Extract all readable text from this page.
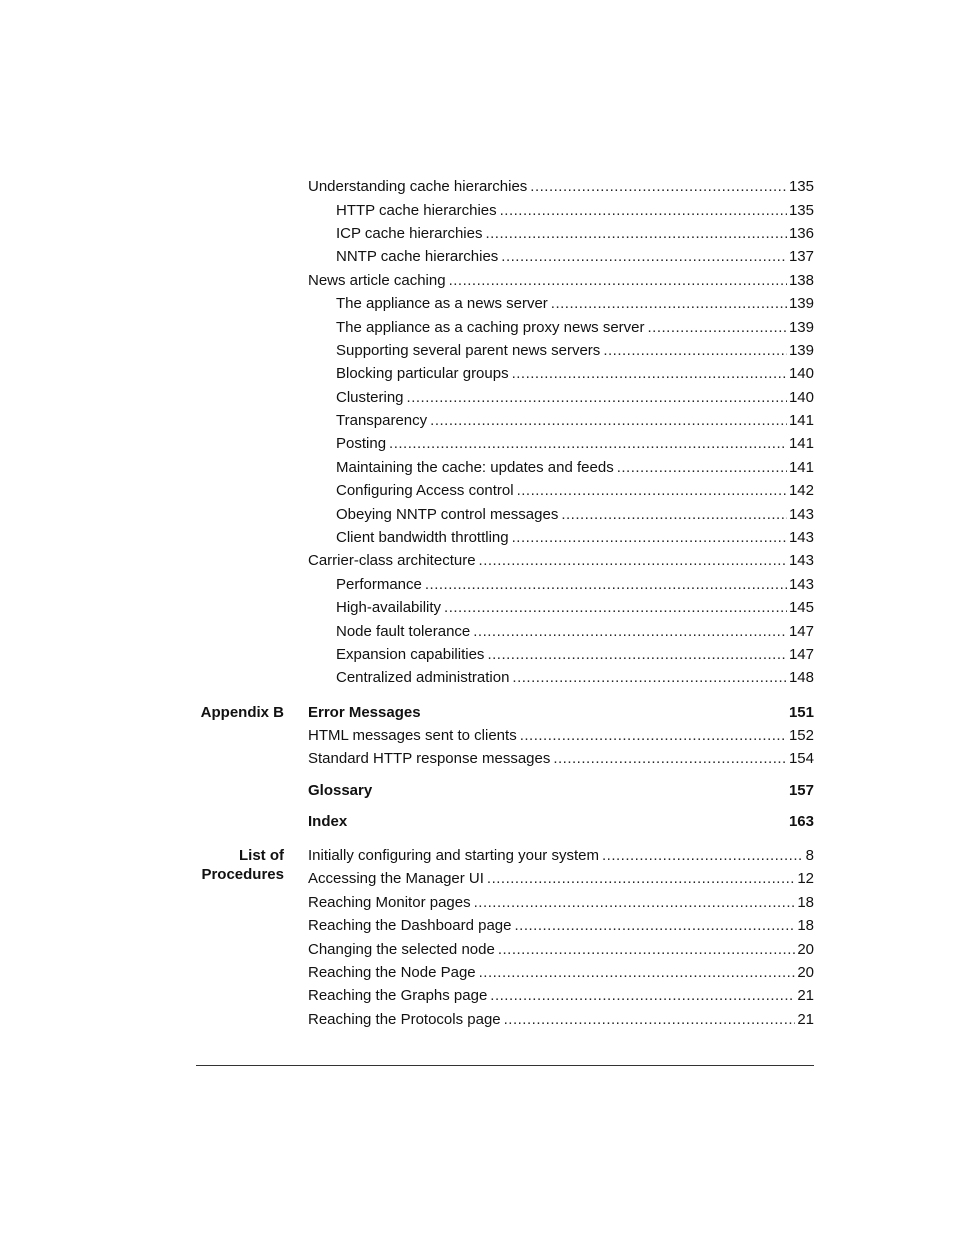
Understanding cache hierarchies .....	135
HTTP cache hierarchies .....	135
ICP cache hierarchies .....	136
NNTP cache hierarchies .....	137
News article caching .....	138
The appliance as a news server .....	139
The appliance as a caching proxy news server .....	139
Supporting several parent news servers .....	139
Blocking particular groups .....	140
Clustering .....	140
Transparency .....	141
Posting .....	141
Maintaining the cache: updates and feeds .....	141
Configuring Access control .....	142
Obeying NNTP control messages .....	143
Client bandwidth throttling .....	143
Carrier-class architecture .....	143
Performance .....	143
High-availability .....	145
Node fault tolerance .....	147
Expansion capabilities .....	147
Centralized administration .....	148
Error Messages	151
HTML messages sent to clients .....	152
Standard HTTP response messages .....	154
Glossary	157
Index	163
Initially configuring and starting your system .....	8
Accessing the Manager UI .....	12
Reaching Monitor pages .....	18
Reaching the Dashboard page .....	18
Changing the selected node .....	20
Reaching the Node Page .....	20
Reaching the Graphs page .....	21
Reaching the Protocols page .....	21
Appendix B
List of
Procedures
